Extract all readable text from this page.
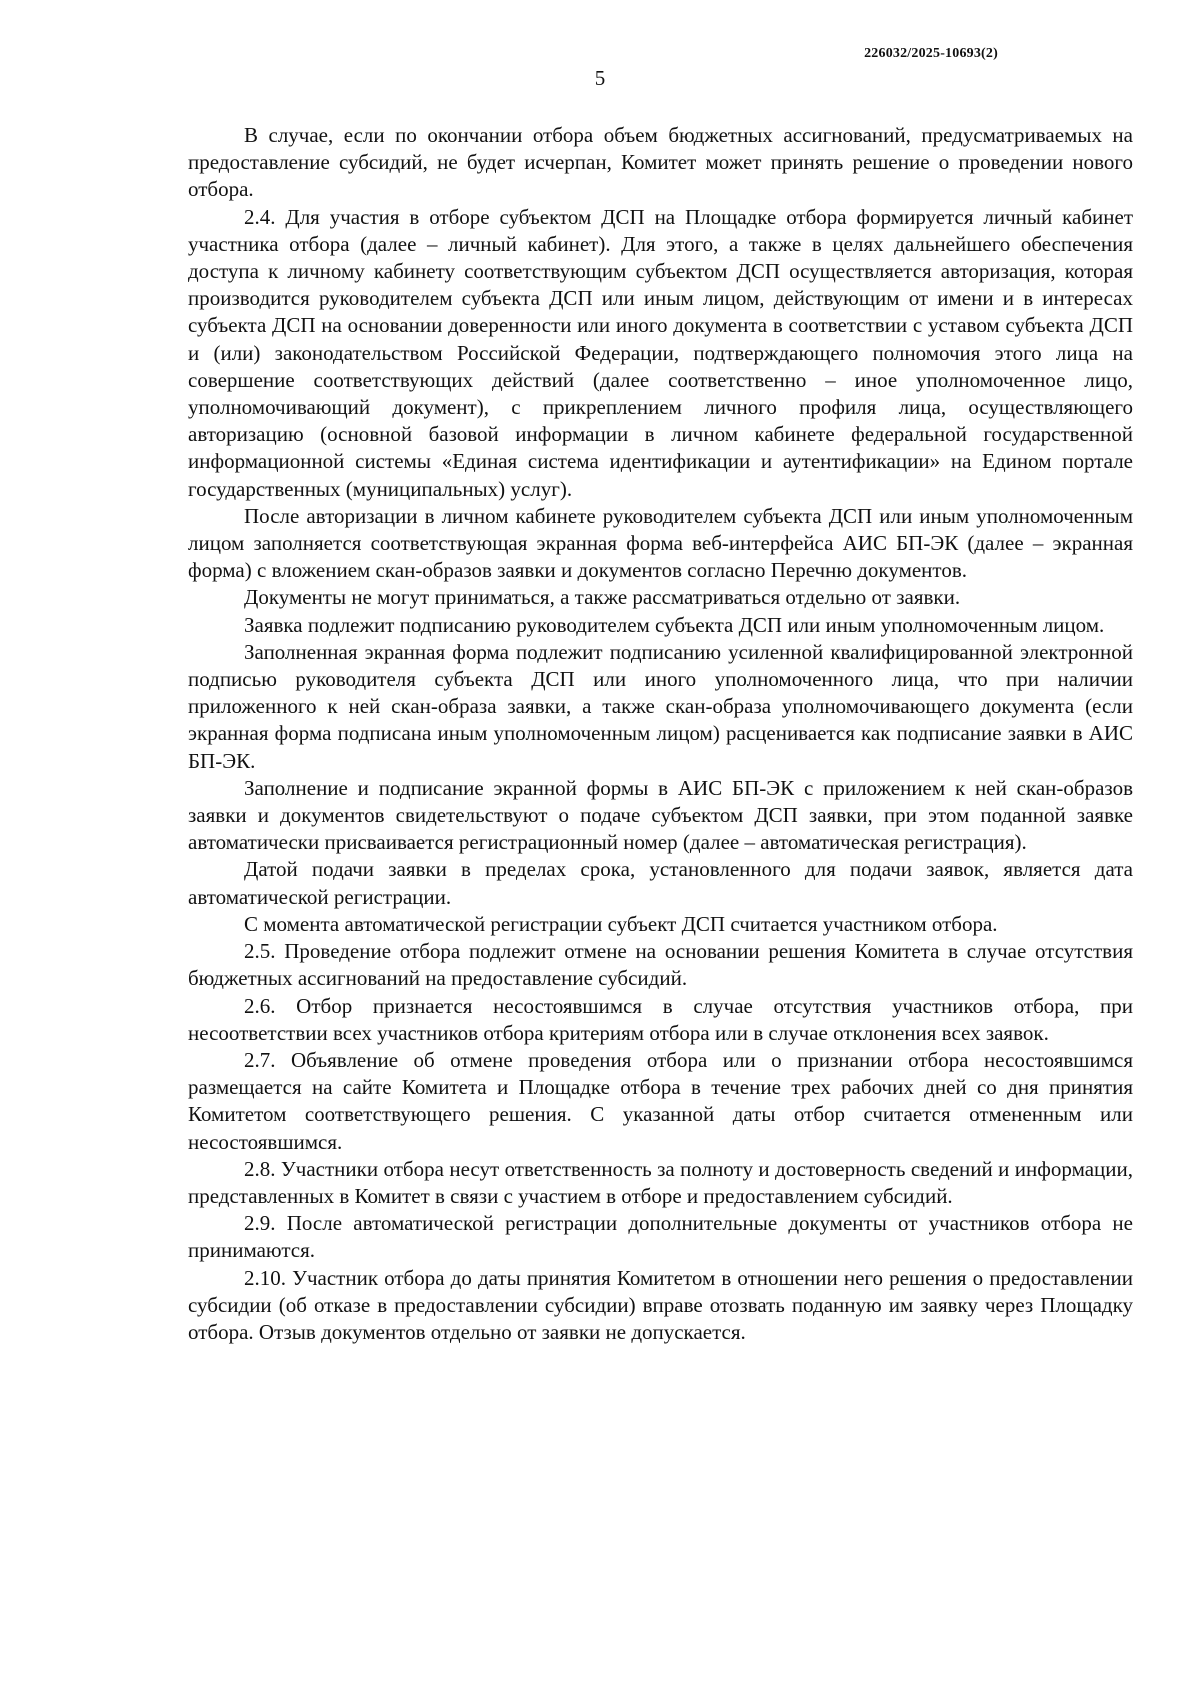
226032/2025-10693(2)
5

В случае, если по окончании отбора объем бюджетных ассигнований, предусматриваемых на предоставление субсидий, не будет исчерпан, Комитет может принять решение о проведении нового отбора.

2.4. Для участия в отборе субъектом ДСП на Площадке отбора формируется личный кабинет участника отбора (далее – личный кабинет). Для этого, а также в целях дальнейшего обеспечения доступа к личному кабинету соответствующим субъектом ДСП осуществляется авторизация, которая производится руководителем субъекта ДСП или иным лицом, действующим от имени и в интересах субъекта ДСП на основании доверенности или иного документа в соответствии с уставом субъекта ДСП и (или) законодательством Российской Федерации, подтверждающего полномочия этого лица на совершение соответствующих действий (далее соответственно – иное уполномоченное лицо, уполномочивающий документ), с прикреплением личного профиля лица, осуществляющего авторизацию (основной базовой информации в личном кабинете федеральной государственной информационной системы «Единая система идентификации и аутентификации» на Едином портале государственных (муниципальных) услуг).

После авторизации в личном кабинете руководителем субъекта ДСП или иным уполномоченным лицом заполняется соответствующая экранная форма веб-интерфейса АИС БП-ЭК (далее – экранная форма) с вложением скан-образов заявки и документов согласно Перечню документов.

Документы не могут приниматься, а также рассматриваться отдельно от заявки.

Заявка подлежит подписанию руководителем субъекта ДСП или иным уполномоченным лицом.

Заполненная экранная форма подлежит подписанию усиленной квалифицированной электронной подписью руководителя субъекта ДСП или иного уполномоченного лица, что при наличии приложенного к ней скан-образа заявки, а также скан-образа уполномочивающего документа (если экранная форма подписана иным уполномоченным лицом) расценивается как подписание заявки в АИС БП-ЭК.

Заполнение и подписание экранной формы в АИС БП-ЭК с приложением к ней скан-образов заявки и документов свидетельствуют о подаче субъектом ДСП заявки, при этом поданной заявке автоматически присваивается регистрационный номер (далее – автоматическая регистрация).

Датой подачи заявки в пределах срока, установленного для подачи заявок, является дата автоматической регистрации.

С момента автоматической регистрации субъект ДСП считается участником отбора.

2.5. Проведение отбора подлежит отмене на основании решения Комитета в случае отсутствия бюджетных ассигнований на предоставление субсидий.

2.6. Отбор признается несостоявшимся в случае отсутствия участников отбора, при несоответствии всех участников отбора критериям отбора или в случае отклонения всех заявок.

2.7. Объявление об отмене проведения отбора или о признании отбора несостоявшимся размещается на сайте Комитета и Площадке отбора в течение трех рабочих дней со дня принятия Комитетом соответствующего решения. С указанной даты отбор считается отмененным или несостоявшимся.

2.8. Участники отбора несут ответственность за полноту и достоверность сведений и информации, представленных в Комитет в связи с участием в отборе и предоставлением субсидий.

2.9. После автоматической регистрации дополнительные документы от участников отбора не принимаются.

2.10. Участник отбора до даты принятия Комитетом в отношении него решения о предоставлении субсидии (об отказе в предоставлении субсидии) вправе отозвать поданную им заявку через Площадку отбора. Отзыв документов отдельно от заявки не допускается.
